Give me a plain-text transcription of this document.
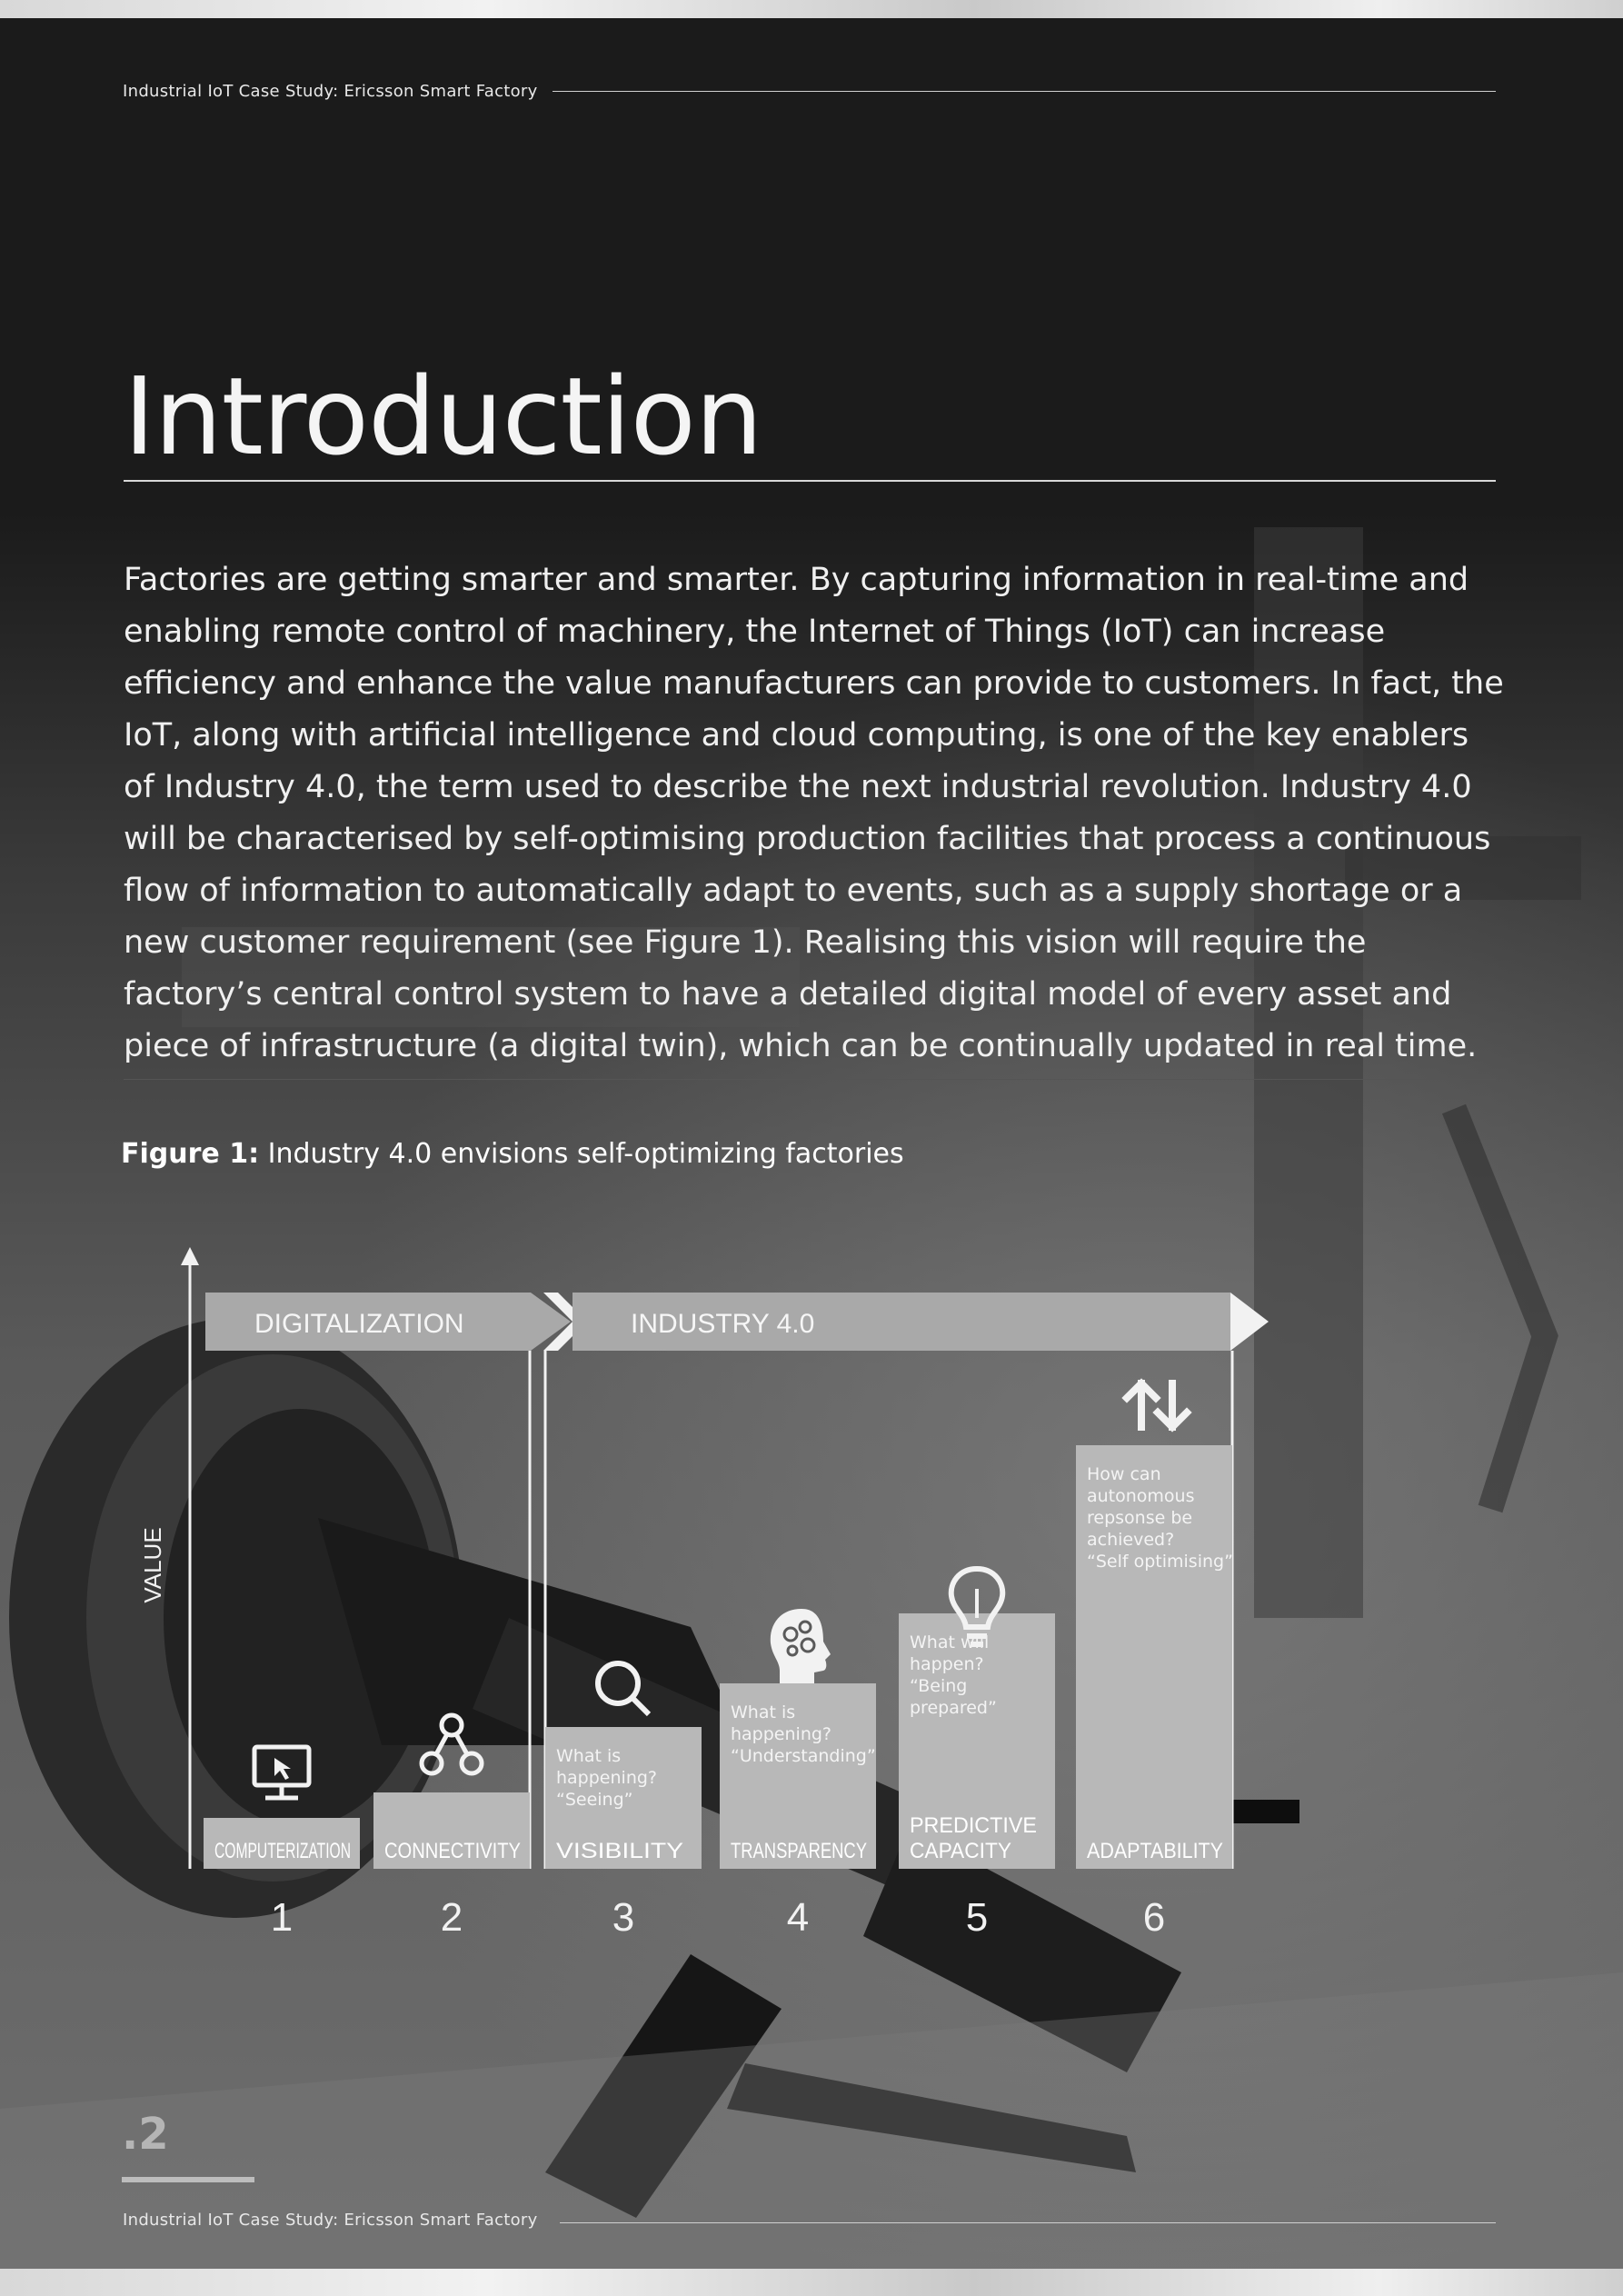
Industrial IoT Case Study: Ericsson Smart Factory
Introduction

Factories are getting smarter and smarter. By capturing information in real-time and enabling remote control of machinery, the Internet of Things (IoT) can increase efficiency and enhance the value manufacturers can provide to customers. In fact, the IoT, along with artificial intelligence and cloud computing, is one of the key enablers of Industry 4.0, the term used to describe the next industrial revolution. Industry 4.0 will be characterised by self-optimising production facilities that process a continuous flow of information to automatically adapt to events, such as a supply shortage or a new customer requirement (see Figure 1). Realising this vision will require the factory’s central control system to have a detailed digital model of every asset and piece of infrastructure (a digital twin), which can be continually updated in real time.

Figure 1: Industry 4.0 envisions self-optimizing factories
VALUE
DIGITALIZATION	INDUSTRY 4.0
COMPUTERIZATION
1
CONNECTIVITY
2
VISIBILITY
What is
happening?
“Seeing”
3
TRANSPARENCY
What is
happening?
“Understanding”
4
PREDICTIVE
CAPACITY
What will
happen?
“Being
prepared”
5
ADAPTABILITY
How can
autonomous
repsonse be
achieved?
“Self optimising”
6
.2
Industrial IoT Case Study: Ericsson Smart Factory
